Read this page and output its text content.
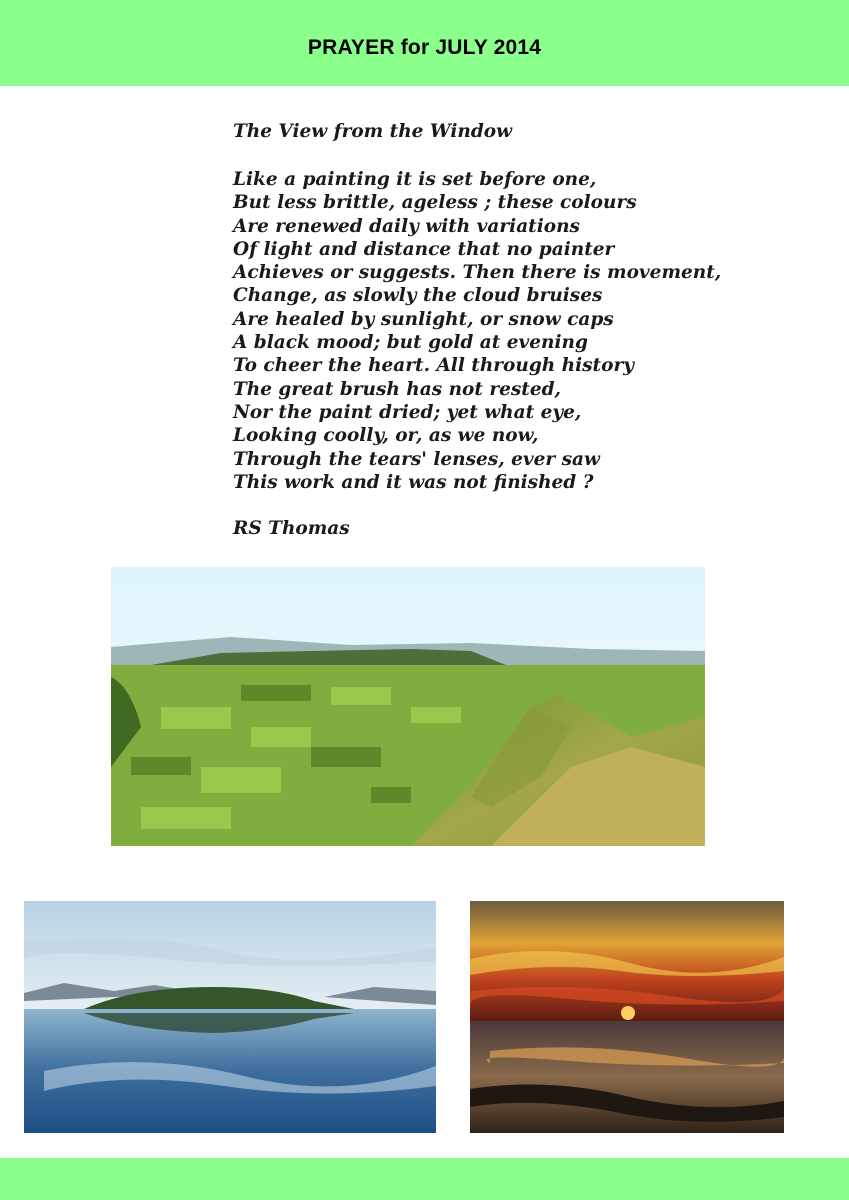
PRAYER for JULY 2014
The View from the Window
Like a painting it is set before one,
But less brittle, ageless ; these colours
Are renewed daily with variations
Of light and distance that no painter
Achieves or suggests. Then there is movement,
Change, as slowly the cloud bruises
Are healed by sunlight, or snow caps
A black mood; but gold at evening
To cheer the heart. All through history
The great brush has not rested,
Nor the paint dried; yet what eye,
Looking coolly, or, as we now,
Through the tears' lenses, ever saw
This work and it was not finished ?
RS Thomas
